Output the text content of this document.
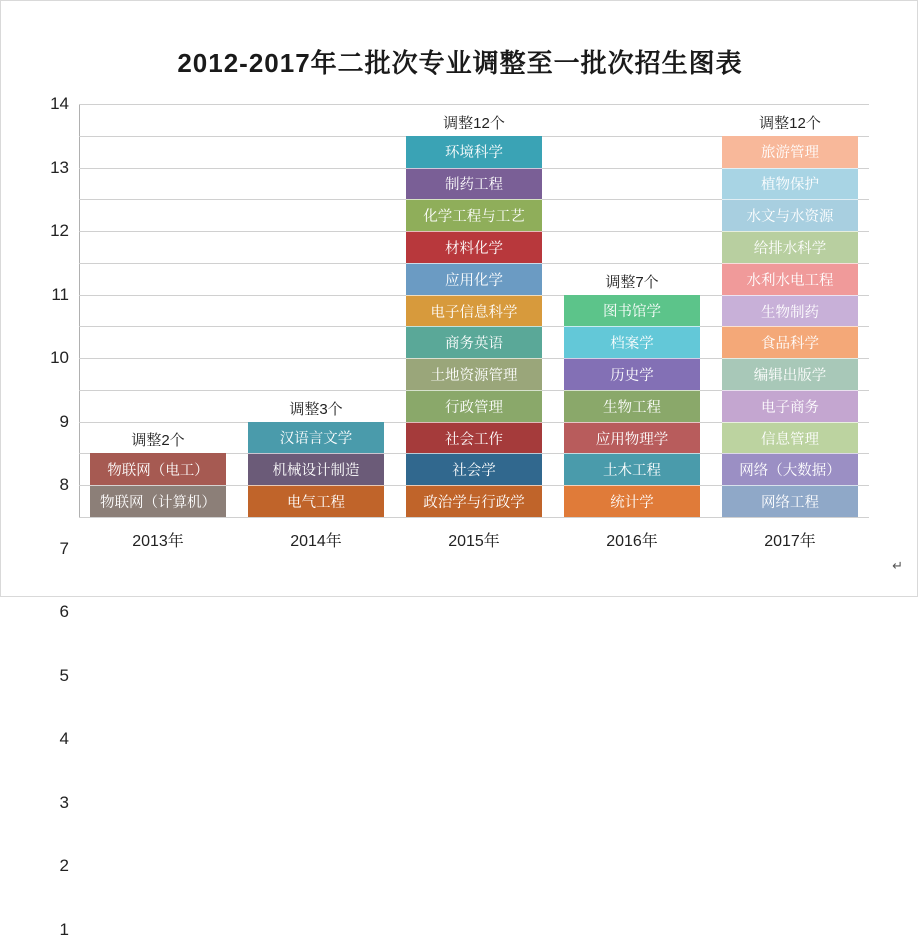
2012-2017年二批次专业调整至一批次招生图表
1
2
3
4
5
6
7
8
9
10
11
12
13
14
物联网（电工）
物联网（计算机）
汉语言文学
机械设计制造
电气工程
环境科学
制药工程
化学工程与工艺
材料化学
应用化学
电子信息科学
商务英语
土地资源管理
行政管理
社会工作
社会学
政治学与行政学
图书馆学
档案学
历史学
生物工程
应用物理学
土木工程
统计学
旅游管理
植物保护
水文与水资源
给排水科学
水利水电工程
生物制药
食品科学
编辑出版学
电子商务
信息管理
网络（大数据）
网络工程
调整2个
调整3个
调整12个
调整7个
调整12个
2013年	2014年	2015年	2016年	2017年
↵
